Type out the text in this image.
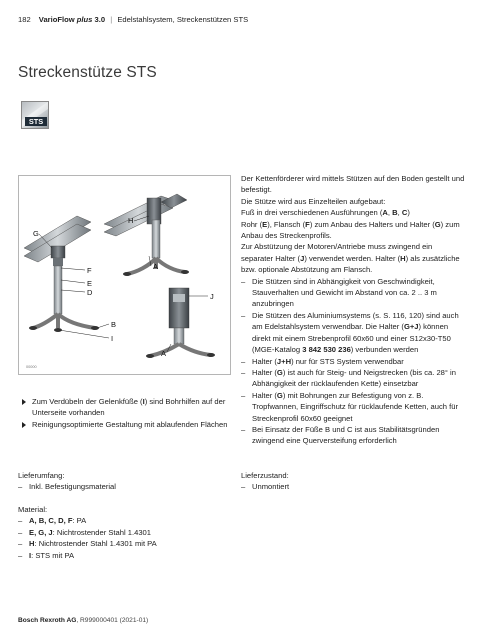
182 VarioFlow plus 3.0 | Edelstahlsystem, Streckenstützen STS
Streckenstütze STS
STS
H
G
F
E
D
A
J
B
I
A
00000
Zum Verdübeln der Gelenkfüße (I) sind Bohrhilfen auf der Unterseite vorhanden
Reinigungsoptimierte Gestaltung mit ablaufenden Flächen
Der Kettenförderer wird mittels Stützen auf den Boden gestellt und befestigt.
Die Stütze wird aus Einzelteilen aufgebaut:
Fuß in drei verschiedenen Ausführungen (A, B, C)
Rohr (E), Flansch (F) zum Anbau des Halters und Halter (G) zum Anbau des Streckenprofils.
Zur Abstützung der Motoren/Antriebe muss zwingend ein separater Halter (J) verwendet werden. Halter (H) als zusätzliche bzw. optionale Abstützung am Flansch.
– Die Stützen sind in Abhängigkeit von Geschwindigkeit, Stauverhalten und Gewicht im Abstand von ca. 2 .. 3 m anzubringen
– Die Stützen des Aluminiumsystems (s. S. 116, 120) sind auch am Edelstahlsystem verwendbar. Die Halter (G+J) können direkt mit einem Strebenprofil 60x60 und einer S12x30-T50 (MGE-Katalog 3 842 530 236) verbunden werden
– Halter (J+H) nur für STS System verwendbar
– Halter (G) ist auch für Steig- und Neigstrecken (bis ca. 28° in Abhängigkeit der rücklaufenden Kette) einsetzbar
– Halter (G) mit Bohrungen zur Befestigung von z. B. Tropfwannen, Eingriffschutz für rücklaufende Ketten, auch für Streckenprofil 60x60 geeignet
– Bei Einsatz der Füße B und C ist aus Stabilitätsgründen zwingend eine Querversteifung erforderlich
Lieferumfang:
– Inkl. Befestigungsmaterial
Lieferzustand:
– Unmontiert
Material:
– A, B, C, D, F: PA
– E, G, J: Nichtrostender Stahl 1.4301
– H: Nichtrostender Stahl 1.4301 mit PA
– I: STS mit PA
Bosch Rexroth AG, R999000401 (2021-01)
